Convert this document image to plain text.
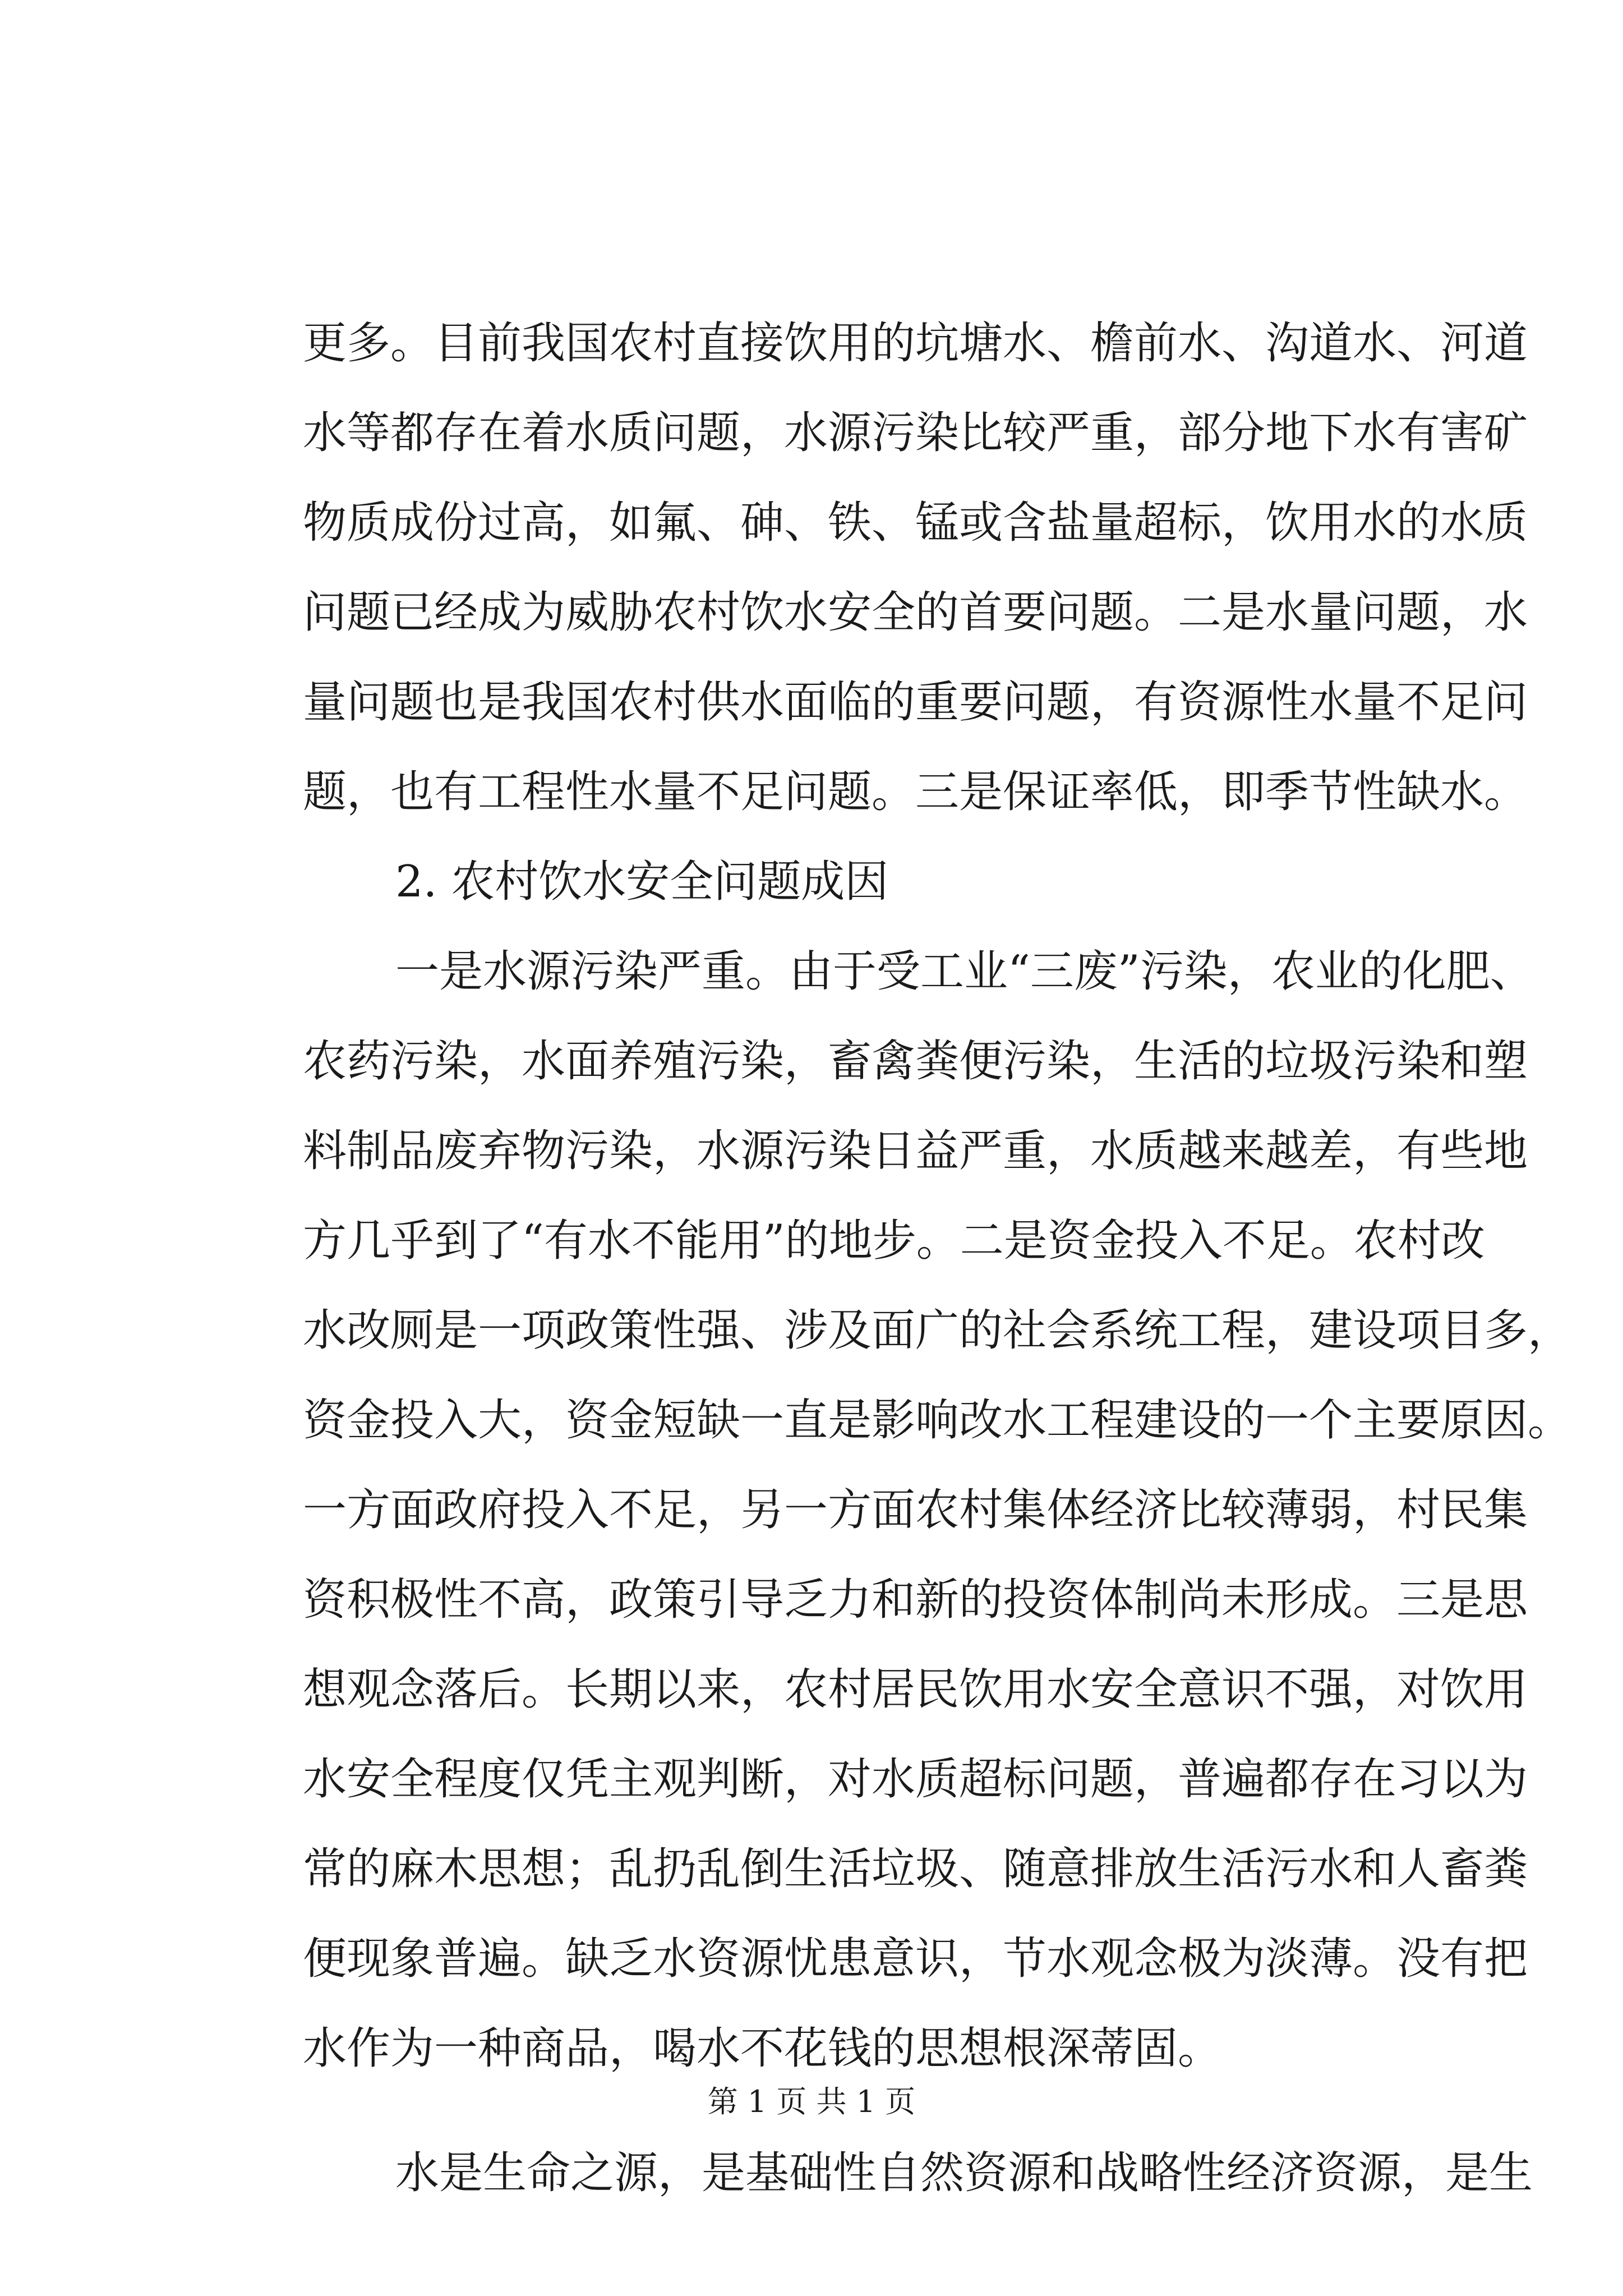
更多。目前我国农村直接饮用的坑塘水、檐前水、沟道水、河道
水等都存在着水质问题，水源污染比较严重，部分地下水有害矿
物质成份过高，如氟、砷、铁、锰或含盐量超标，饮用水的水质
问题已经成为威胁农村饮水安全的首要问题。二是水量问题，水
量问题也是我国农村供水面临的重要问题，有资源性水量不足问
题，也有工程性水量不足问题。三是保证率低，即季节性缺水。
2. 农村饮水安全问题成因
一是水源污染严重。由于受工业“三废”污染，农业的化肥、
农药污染，水面养殖污染，畜禽粪便污染，生活的垃圾污染和塑
料制品废弃物污染，水源污染日益严重，水质越来越差，有些地
方几乎到了“有水不能用”的地步。二是资金投入不足。农村改
水改厕是一项政策性强、涉及面广的社会系统工程，建设项目多，
资金投入大，资金短缺一直是影响改水工程建设的一个主要原因。
一方面政府投入不足，另一方面农村集体经济比较薄弱，村民集
资积极性不高，政策引导乏力和新的投资体制尚未形成。三是思
想观念落后。长期以来，农村居民饮用水安全意识不强，对饮用
水安全程度仅凭主观判断，对水质超标问题，普遍都存在习以为
常的麻木思想；乱扔乱倒生活垃圾、随意排放生活污水和人畜粪
便现象普遍。缺乏水资源忧患意识，节水观念极为淡薄。没有把
水作为一种商品，喝水不花钱的思想根深蒂固。
水是生命之源，是基础性自然资源和战略性经济资源，是生
第 1 页 共 1 页
